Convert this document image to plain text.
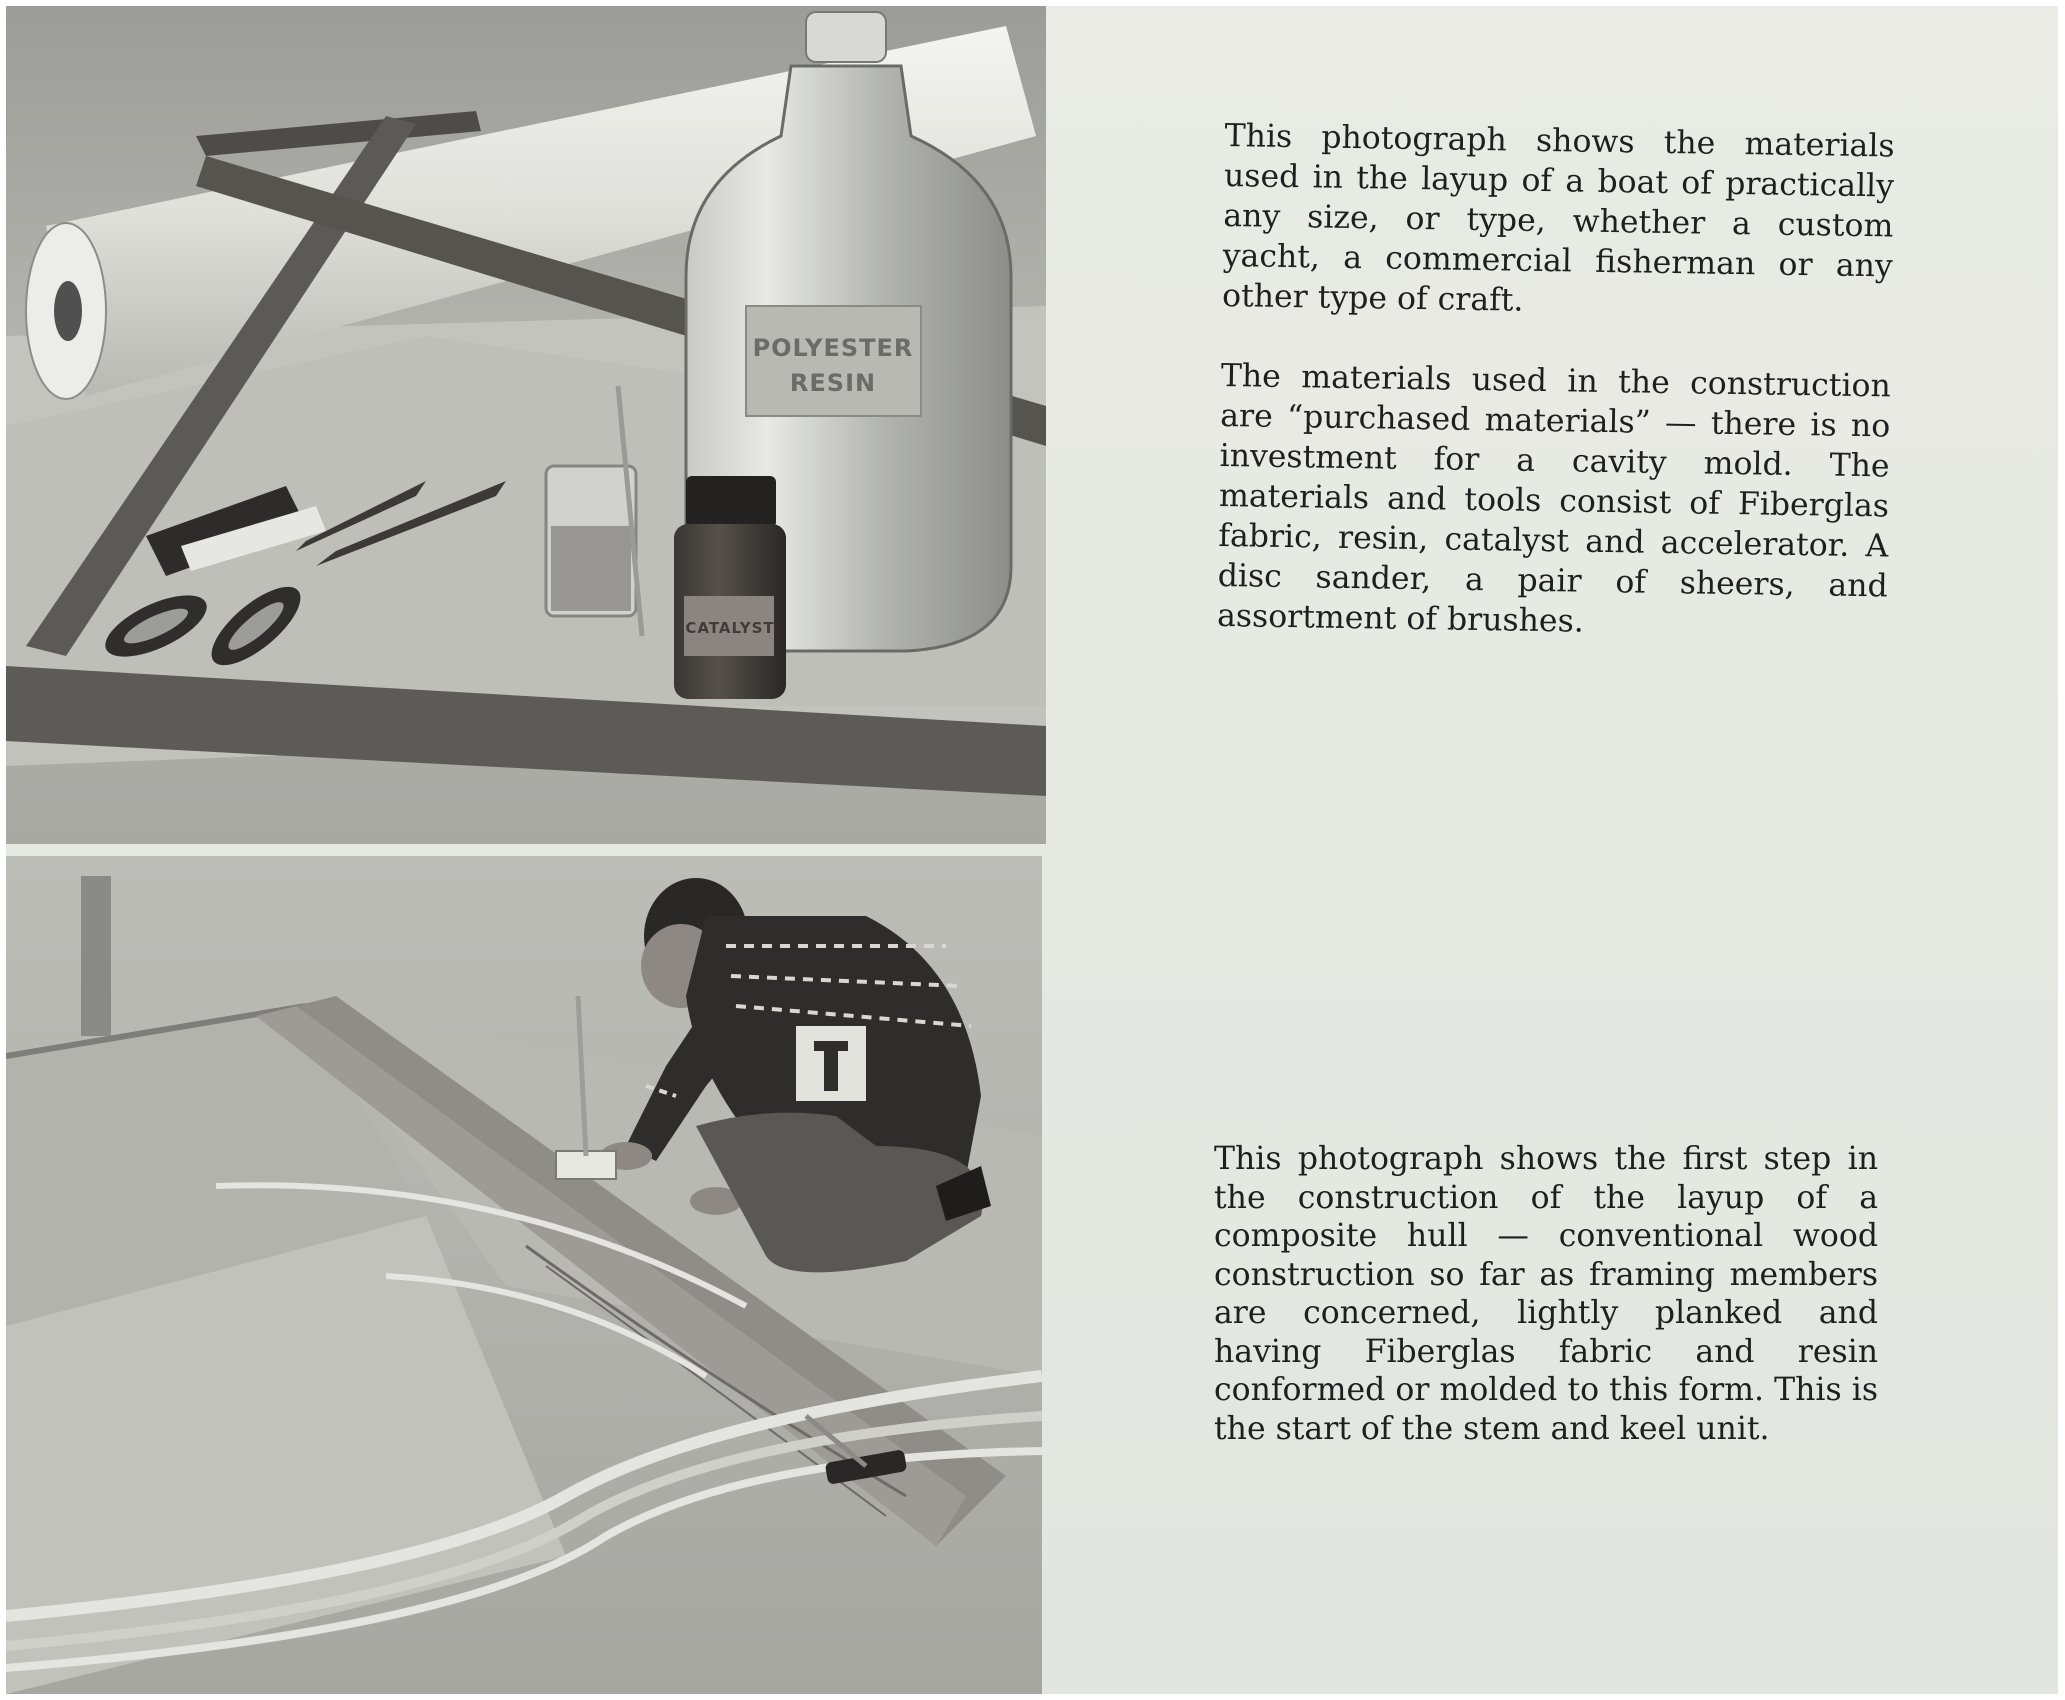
POLYESTER
RESIN
CATALYST

This photograph shows the materials used in the layup of a boat of practically any size, or type, whether a custom yacht, a commercial fisherman or any other type of craft.

The materials used in the construction are “purchased materials” — there is no investment for a cavity mold. The materials and tools consist of Fiberglas fabric, resin, catalyst and accelerator. A disc sander, a pair of sheers, and assortment of brushes.

This photograph shows the first step in the construction of the layup of a composite hull — conventional wood construction so far as framing members are concerned, lightly planked and having Fiberglas fabric and resin conformed or molded to this form. This is the start of the stem and keel unit.
